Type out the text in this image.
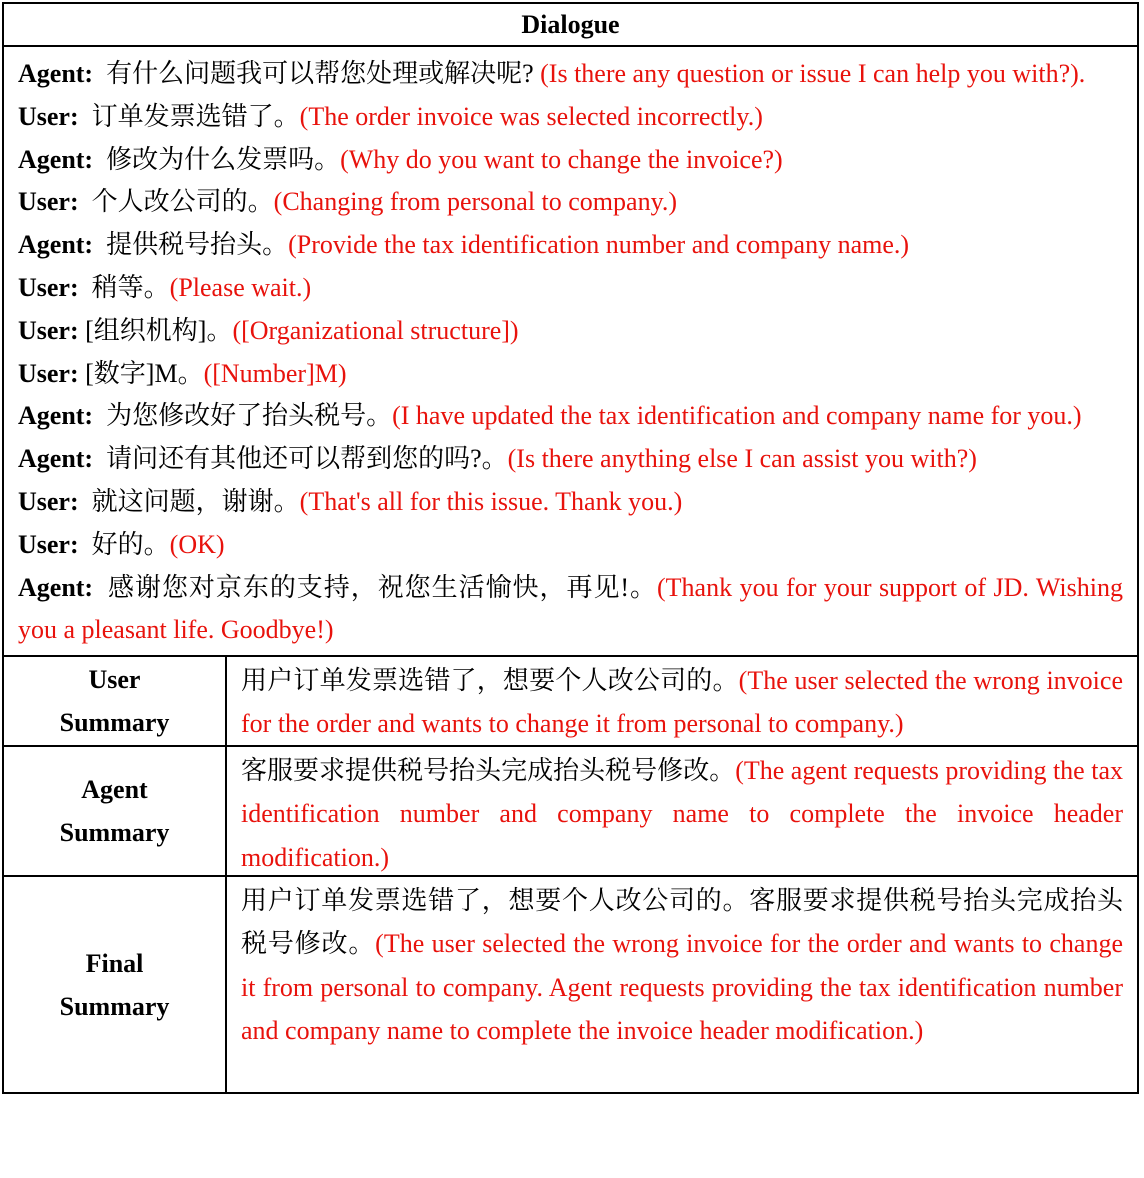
Dialogue
Agent: 有什么问题我可以帮您处理或解决呢? (Is there any question or issue I can help you with?).
User: 订单发票选错了。(The order invoice was selected incorrectly.)
Agent: 修改为什么发票吗。(Why do you want to change the invoice?)
User: 个人改公司的。(Changing from personal to company.)
Agent: 提供税号抬头。(Provide the tax identification number and company name.)
User: 稍等。(Please wait.)
User: [组织机构]。([Organizational structure])
User: [数字]M。([Number]M)
Agent: 为您修改好了抬头税号。(I have updated the tax identification and company name for you.)
Agent: 请问还有其他还可以帮到您的吗?。(Is there anything else I can assist you with?)
User: 就这问题，谢谢。(That's all for this issue. Thank you.)
User: 好的。(OK)
Agent: 感谢您对京东的支持，祝您生活愉快，再见!。(Thank you for your support of JD. Wishing you a pleasant life. Goodbye!)
User
Summary
用户订单发票选错了，想要个人改公司的。(The user selected the wrong invoice for the order and wants to change it from personal to company.)
Agent
Summary
客服要求提供税号抬头完成抬头税号修改。(The agent requests providing the tax identification number and company name to complete the invoice header modification.)
Final
Summary
用户订单发票选错了，想要个人改公司的。客服要求提供税号抬头完成抬头税号修改。(The user selected the wrong invoice for the order and wants to change it from personal to company. Agent requests providing the tax identification number and company name to complete the invoice header modification.)
